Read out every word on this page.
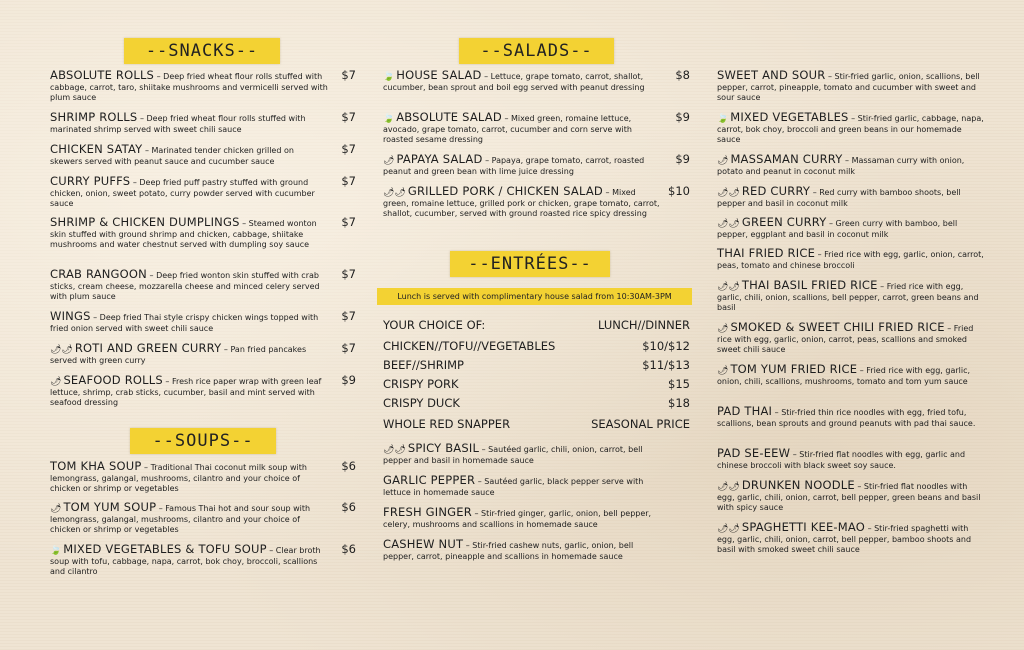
--SNACKS--
ABSOLUTE ROLLS – Deep fried wheat flour rolls stuffed with cabbage, carrot, taro, shiitake mushrooms and vermicelli served with plum sauce
$7
SHRIMP ROLLS – Deep fried wheat flour rolls stuffed with marinated shrimp served with sweet chili sauce
$7
CHICKEN SATAY – Marinated tender chicken grilled on skewers served with peanut sauce and cucumber sauce
$7
CURRY PUFFS – Deep fried puff pastry stuffed with ground chicken, onion, sweet potato, curry powder served with cucumber sauce
$7
SHRIMP & CHICKEN DUMPLINGS – Steamed wonton skin stuffed with ground shrimp and chicken, cabbage, shiitake mushrooms and water chestnut served with dumpling soy sauce
$7
CRAB RANGOON – Deep fried wonton skin stuffed with crab sticks, cream cheese, mozzarella cheese and minced celery served with plum sauce
$7
WINGS – Deep fried Thai style crispy chicken wings topped with fried onion served with sweet chili sauce
$7
🌶🌶 ROTI AND GREEN CURRY – Pan fried pancakes served with green curry
$7
🌶 SEAFOOD ROLLS – Fresh rice paper wrap with green leaf lettuce, shrimp, crab sticks, cucumber, basil and mint served with seafood dressing
$9
--SOUPS--
TOM KHA SOUP – Traditional Thai coconut milk soup with lemongrass, galangal, mushrooms, cilantro and your choice of chicken or shrimp or vegetables
$6
🌶 TOM YUM SOUP – Famous Thai hot and sour soup with lemongrass, galangal, mushrooms, cilantro and your choice of chicken or shrimp or vegetables
$6
🍃 MIXED VEGETABLES & TOFU SOUP – Clear broth soup with tofu, cabbage, napa, carrot, bok choy, broccoli, scallions and cilantro
$6
--SALADS--
🍃 HOUSE SALAD – Lettuce, grape tomato, carrot, shallot, cucumber, bean sprout and boil egg served with peanut dressing
$8
🍃 ABSOLUTE SALAD – Mixed green, romaine lettuce, avocado, grape tomato, carrot, cucumber and corn serve with roasted sesame dressing
$9
🌶 PAPAYA SALAD – Papaya, grape tomato, carrot, roasted peanut and green bean with lime juice dressing
$9
🌶🌶 GRILLED PORK / CHICKEN SALAD – Mixed green, romaine lettuce, grilled pork or chicken, grape tomato, carrot, shallot, cucumber, served with ground roasted rice spicy dressing
$10
--ENTRÉES--
Lunch is served with complimentary house salad from 10:30AM-3PM
YOUR CHOICE OF:	LUNCH//DINNER
CHICKEN//TOFU//VEGETABLES	$10/$12
BEEF//SHRIMP	$11/$13
CRISPY PORK	$15
CRISPY DUCK	$18
WHOLE RED SNAPPER	SEASONAL PRICE
🌶🌶 SPICY BASIL – Sautéed garlic, chili, onion, carrot, bell pepper and basil in homemade sauce
GARLIC PEPPER – Sautéed garlic, black pepper serve with lettuce in homemade sauce
FRESH GINGER – Stir-fried ginger, garlic, onion, bell pepper, celery, mushrooms and scallions in homemade sauce
CASHEW NUT – Stir-fried cashew nuts, garlic, onion, bell pepper, carrot, pineapple and scallions in homemade sauce
SWEET AND SOUR – Stir-fried garlic, onion, scallions, bell pepper, carrot, pineapple, tomato and cucumber with sweet and sour sauce
🍃 MIXED VEGETABLES – Stir-fried garlic, cabbage, napa, carrot, bok choy, broccoli and green beans in our homemade sauce
🌶 MASSAMAN CURRY – Massaman curry with onion, potato and peanut in coconut milk
🌶🌶 RED CURRY – Red curry with bamboo shoots, bell pepper and basil in coconut milk
🌶🌶 GREEN CURRY – Green curry with bamboo, bell pepper, eggplant and basil in coconut milk
THAI FRIED RICE – Fried rice with egg, garlic, onion, carrot, peas, tomato and chinese broccoli
🌶🌶 THAI BASIL FRIED RICE – Fried rice with egg, garlic, chili, onion, scallions, bell pepper, carrot, green beans and basil
🌶 SMOKED & SWEET CHILI FRIED RICE – Fried rice with egg, garlic, onion, carrot, peas, scallions and smoked sweet chili sauce
🌶 TOM YUM FRIED RICE – Fried rice with egg, garlic, onion, chili, scallions, mushrooms, tomato and tom yum sauce
PAD THAI – Stir-fried thin rice noodles with egg, fried tofu, scallions, bean sprouts and ground peanuts with pad thai sauce.
PAD SE-EEW – Stir-fried flat noodles with egg, garlic and chinese broccoli with black sweet soy sauce.
🌶🌶 DRUNKEN NOODLE – Stir-fried flat noodles with egg, garlic, chili, onion, carrot, bell pepper, green beans and basil with spicy sauce
🌶🌶 SPAGHETTI KEE-MAO – Stir-fried spaghetti with egg, garlic, chili, onion, carrot, bell pepper, bamboo shoots and basil with smoked sweet chili sauce
